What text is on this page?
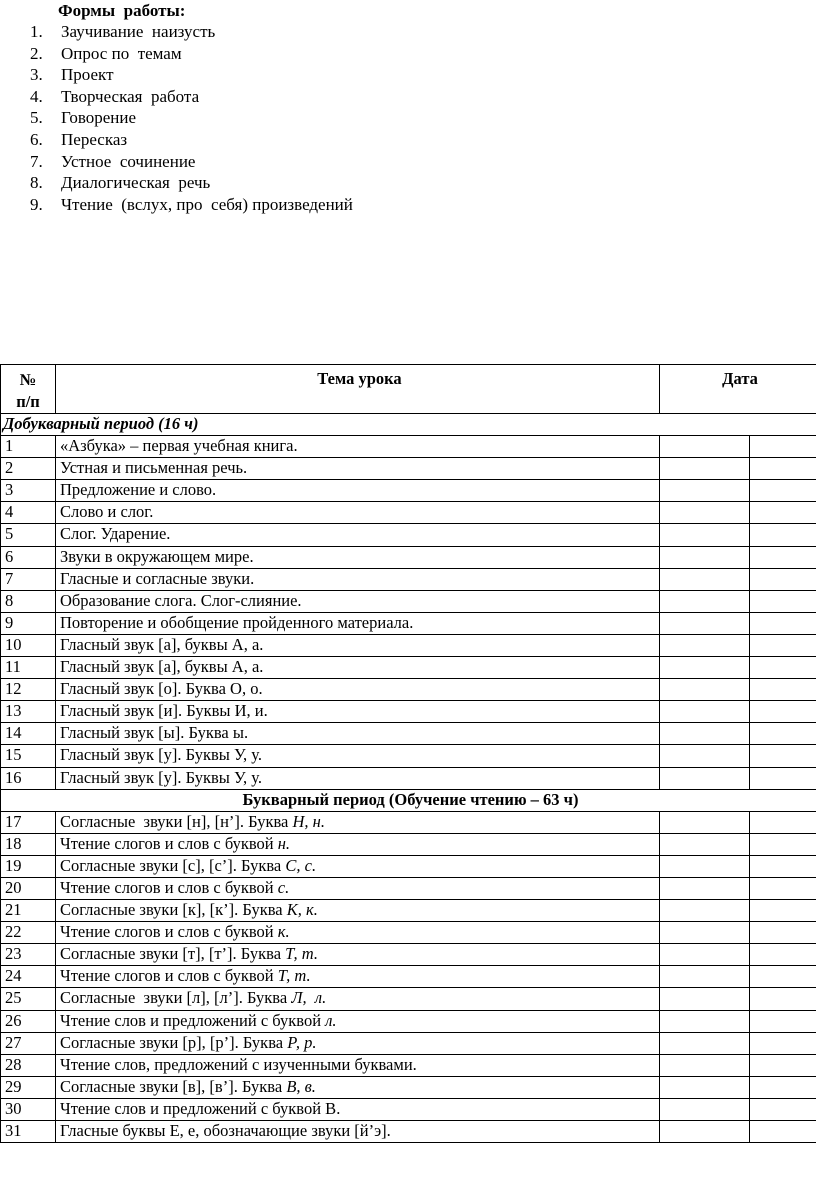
Формы  работы:
1.	Заучивание  наизусть
2.	Опрос по  темам
3.	Проект
4.	Творческая  работа
5.	Говорение
6.	Пересказ
7.	Устное  сочинение
8.	Диалогическая  речь
9.	Чтение  (вслух, про  себя) произведений
№
п/п	Тема урока	Дата	
Добукварный период (16 ч)			
1	«Азбука» – первая учебная книга.		
2	Устная и письменная речь.		
3	Предложение и слово.		
4	Слово и слог.		
5	Слог. Ударение.		
6	Звуки в окружающем мире.		
7	Гласные и согласные звуки.		
8	Образование слога. Слог-слияние.		
9	Повторение и обобщение пройденного материала.		
10	Гласный звук [а], буквы А, а.		
11	Гласный звук [а], буквы А, а.		
12	Гласный звук [о]. Буква О, о.		
13	Гласный звук [и]. Буквы И, и.		
14	Гласный звук [ы]. Буква ы.		
15	Гласный звук [у]. Буквы У, у.		
16	Гласный звук [у]. Буквы У, у.		
Букварный период (Обучение чтению – 63 ч)			
17	Согласные  звуки [н], [н’]. Буква Н, н.		
18	Чтение слогов и слов с буквой н.		
19	Согласные звуки [с], [с’]. Буква С, с.		
20	Чтение слогов и слов с буквой с.		
21	Согласные звуки [к], [к’]. Буква К, к.		
22	Чтение слогов и слов с буквой к.		
23	Согласные звуки [т], [т’]. Буква Т, т.		
24	Чтение слогов и слов с буквой Т, т.		
25	Согласные  звуки [л], [л’]. Буква Л,  л.		
26	Чтение слов и предложений с буквой л.		
27	Согласные звуки [р], [р’]. Буква Р, р.		
28	Чтение слов, предложений с изученными буквами.		
29	Согласные звуки [в], [в’]. Буква В, в.		
30	Чтение слов и предложений с буквой В.		
31	Гласные буквы Е, е, обозначающие звуки [й’э].		
